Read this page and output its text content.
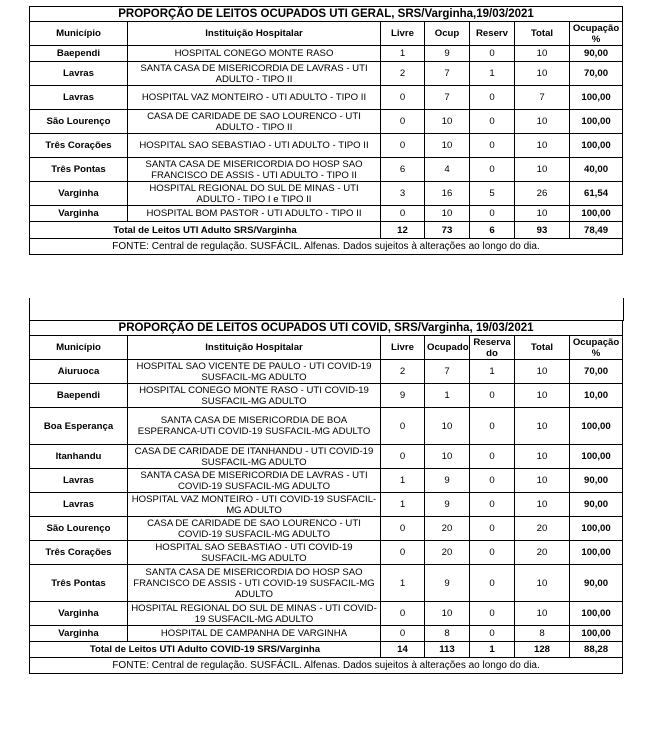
PROPORÇÃO DE LEITOS OCUPADOS UTI GERAL, SRS/Varginha,19/03/2021						
Município	Instituição Hospitalar	Livre	Ocup	Reserv	Total	Ocupação %
Baependi	HOSPITAL CONEGO MONTE RASO	1	9	0	10	90,00
Lavras	SANTA CASA DE MISERICORDIA DE LAVRAS - UTI ADULTO - TIPO II	2	7	1	10	70,00
Lavras	HOSPITAL VAZ MONTEIRO - UTI ADULTO - TIPO II	0	7	0	7	100,00
São Lourenço	CASA DE CARIDADE DE SAO LOURENCO - UTI ADULTO - TIPO II	0	10	0	10	100,00
Três Corações	HOSPITAL SAO SEBASTIAO - UTI ADULTO - TIPO II	0	10	0	10	100,00
Três Pontas	SANTA CASA DE MISERICORDIA DO HOSP SAO FRANCISCO DE ASSIS - UTI ADULTO - TIPO II	6	4	0	10	40,00
Varginha	HOSPITAL REGIONAL DO SUL DE MINAS - UTI ADULTO - TIPO I e TIPO II	3	16	5	26	61,54
Varginha	HOSPITAL BOM PASTOR - UTI ADULTO - TIPO II	0	10	0	10	100,00
Total de Leitos UTI Adulto SRS/Varginha		12	73	6	93	78,49
FONTE: Central de regulação. SUSFÁCIL. Alfenas. Dados sujeitos à alterações ao longo do dia.						
PROPORÇÃO DE LEITOS OCUPADOS UTI COVID, SRS/Varginha, 19/03/2021						
Município	Instituição Hospitalar	Livre	Ocupado	Reserva do	Total	Ocupação %
Aiuruoca	HOSPITAL SAO VICENTE DE PAULO - UTI COVID-19 SUSFACIL-MG ADULTO	2	7	1	10	70,00
Baependi	HOSPITAL CONEGO MONTE RASO - UTI COVID-19 SUSFACIL-MG ADULTO	9	1	0	10	10,00
Boa Esperança	SANTA CASA DE MISERICORDIA DE BOA ESPERANCA-UTI COVID-19 SUSFACIL-MG ADULTO	0	10	0	10	100,00
Itanhandu	CASA DE CARIDADE DE ITANHANDU - UTI COVID-19 SUSFACIL-MG ADULTO	0	10	0	10	100,00
Lavras	SANTA CASA DE MISERICORDIA DE LAVRAS - UTI COVID-19 SUSFACIL-MG ADULTO	1	9	0	10	90,00
Lavras	HOSPITAL VAZ MONTEIRO - UTI COVID-19 SUSFACIL-MG ADULTO	1	9	0	10	90,00
São Lourenço	CASA DE CARIDADE DE SAO LOURENCO - UTI COVID-19 SUSFACIL-MG ADULTO	0	20	0	20	100,00
Três Corações	HOSPITAL SAO SEBASTIAO - UTI COVID-19 SUSFACIL-MG ADULTO	0	20	0	20	100,00
Três Pontas	SANTA CASA DE MISERICORDIA DO HOSP SAO FRANCISCO DE ASSIS - UTI COVID-19 SUSFACIL-MG ADULTO	1	9	0	10	90,00
Varginha	HOSPITAL REGIONAL DO SUL DE MINAS - UTI COVID-19 SUSFACIL-MG ADULTO	0	10	0	10	100,00
Varginha	HOSPITAL DE CAMPANHA DE VARGINHA	0	8	0	8	100,00
Total de Leitos UTI Adulto COVID-19 SRS/Varginha		14	113	1	128	88,28
FONTE: Central de regulação. SUSFÁCIL. Alfenas. Dados sujeitos à alterações ao longo do dia.						
